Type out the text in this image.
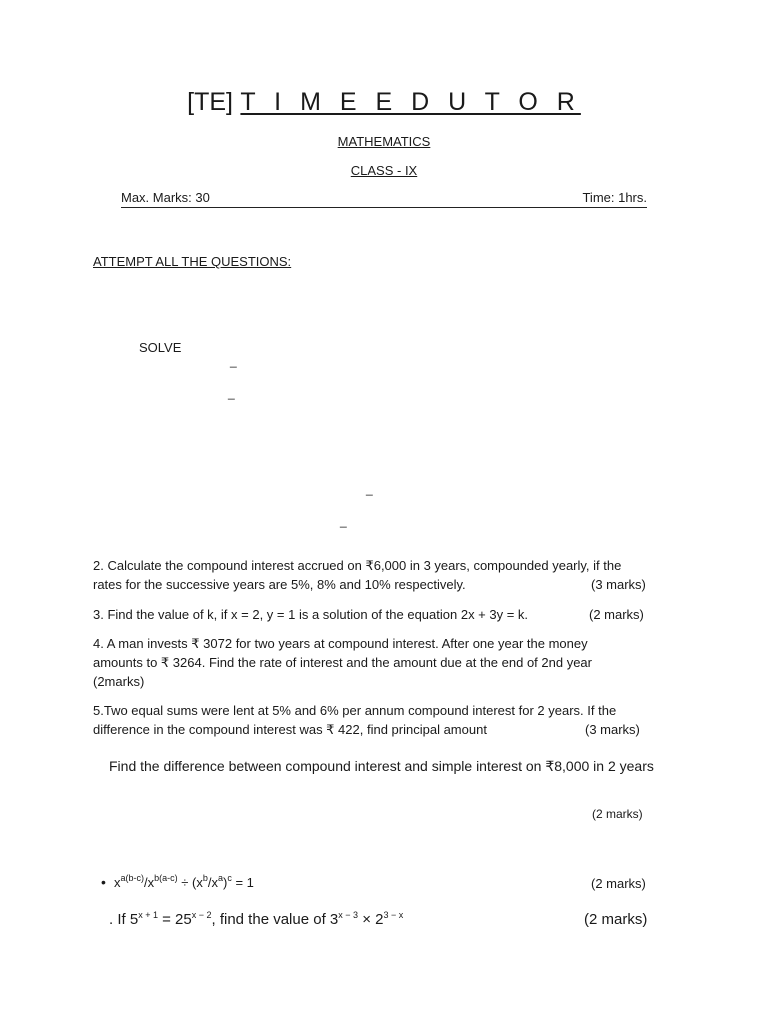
[TE] T I M E E D U T O R
MATHEMATICS
CLASS - IX
Max. Marks: 30	Time: 1hrs.
ATTEMPT ALL THE QUESTIONS:
SOLVE
_
_
_
_
2. Calculate the compound interest accrued on ₹6,000 in 3 years, compounded yearly, if the
rates for the successive years are 5%, 8% and 10% respectively.	(3 marks)
3. Find the value of k, if x = 2, y = 1 is a solution of the equation 2x + 3y = k.	(2 marks)
4. A man invests ₹ 3072 for two years at compound interest. After one year the money
amounts to ₹ 3264. Find the rate of interest and the amount due at the end of 2nd year
(2marks)
5.Two equal sums were lent at 5% and 6% per annum compound interest for 2 years. If the
difference in the compound interest was ₹ 422, find principal amount	(3 marks)
Find the difference between compound interest and simple interest on ₹8,000 in 2 years
(2 marks)
• $x^{a(b-c)}/x^{b(a-c)} \div (x^b/x^a)^c = 1$	(2 marks)
. If $5^{x + 1} = 25^{x - 2}$, find the value of $3^{x - 3} \times 2^{3 - x}$	(2 marks)
